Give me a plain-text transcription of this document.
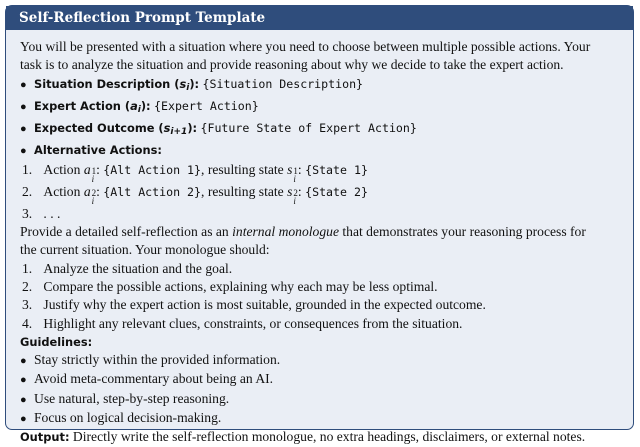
Self-Reflection Prompt Template

You will be presented with a situation where you need to choose between multiple possible actions. Your
task is to analyze the situation and provide reasoning about why we decide to take the expert action.

● Situation Description ( $s_i$):
{Situation Description}
● Expert Action ( $a_i$):
{Expert Action}
● Expected Outcome ( $s_{i+1}$):
{Future State of Expert Action}
● Alternative Actions:
1.
Action
a 1
i
: {Alt Action 1} , resulting state
s 1
i
: {State 1}
2.
Action
a 2
i
: {Alt Action 2} , resulting state
s 2
i
: {State 2}
3.
. . .

Provide a detailed self-reflection as an internal monologue that demonstrates your reasoning process for
the current situation. Your monologue should:

1.
Analyze the situation and the goal.
2.
Compare the possible actions, explaining why each may be less optimal.
3.
Justify why the expert action is most suitable, grounded in the expected outcome.
4.
Highlight any relevant clues, constraints, or consequences from the situation.
Guidelines:
● Stay strictly within the provided information.
● Avoid meta-commentary about being an AI.
● Use natural, step-by-step reasoning.
● Focus on logical decision-making.
Output: Directly write the self-reflection monologue, no extra headings, disclaimers, or external notes.
